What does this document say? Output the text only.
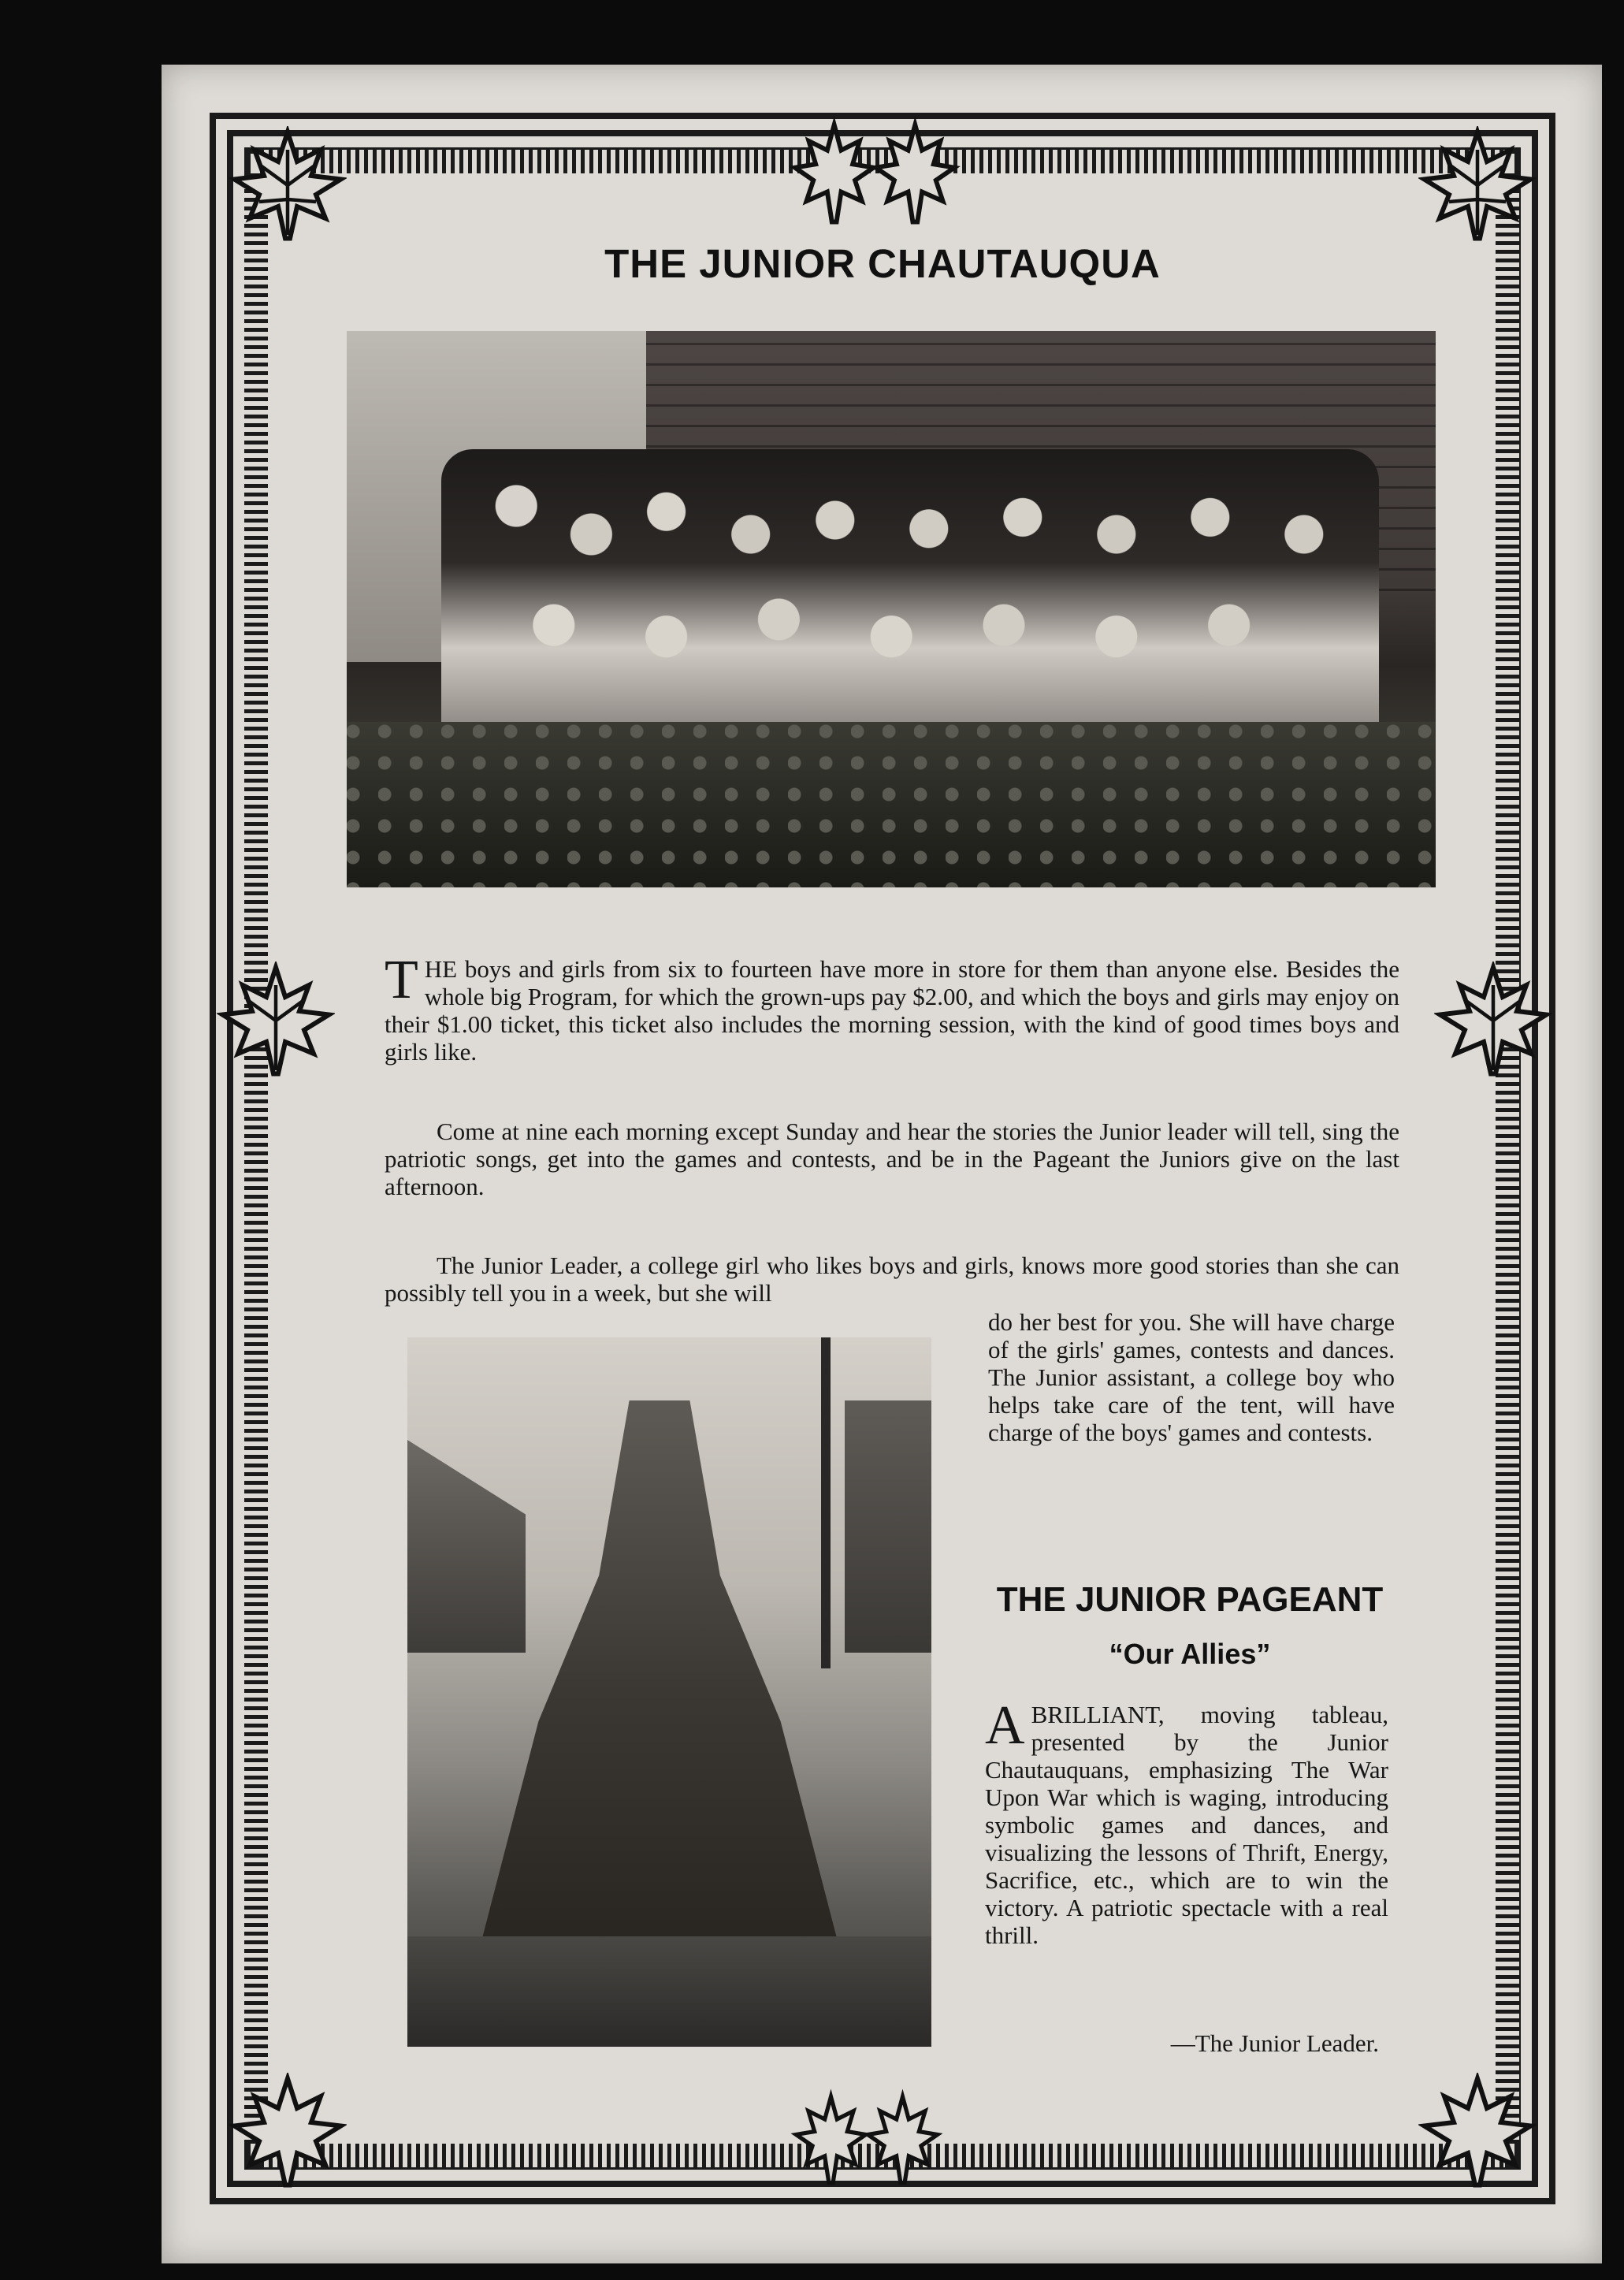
THE JUNIOR CHAUTAUQUA

THE boys and girls from six to fourteen have more in store for them than anyone else. Besides the whole big Program, for which the grown-ups pay $2.00, and which the boys and girls may enjoy on their $1.00 ticket, this ticket also includes the morning session, with the kind of good times boys and girls like.

Come at nine each morning except Sunday and hear the stories the Junior leader will tell, sing the patriotic songs, get into the games and contests, and be in the Pageant the Juniors give on the last afternoon.
The Junior Leader, a college girl who likes boys and girls, knows more good stories than she can possibly tell you in a week, but she will
do her best for you. She will have charge of the girls' games, contests and dances. The Junior assistant, a college boy who helps take care of the tent, will have charge of the boys' games and contests.
THE JUNIOR PAGEANT
“Our Allies”

ABRILLIANT, moving tableau, presented by the Junior Chautauquans, emphasizing The War Upon War which is waging, introducing symbolic games and dances, and visualizing the lessons of Thrift, Energy, Sacrifice, etc., which are to win the victory. A patriotic spectacle with a real thrill.

—The Junior Leader.
